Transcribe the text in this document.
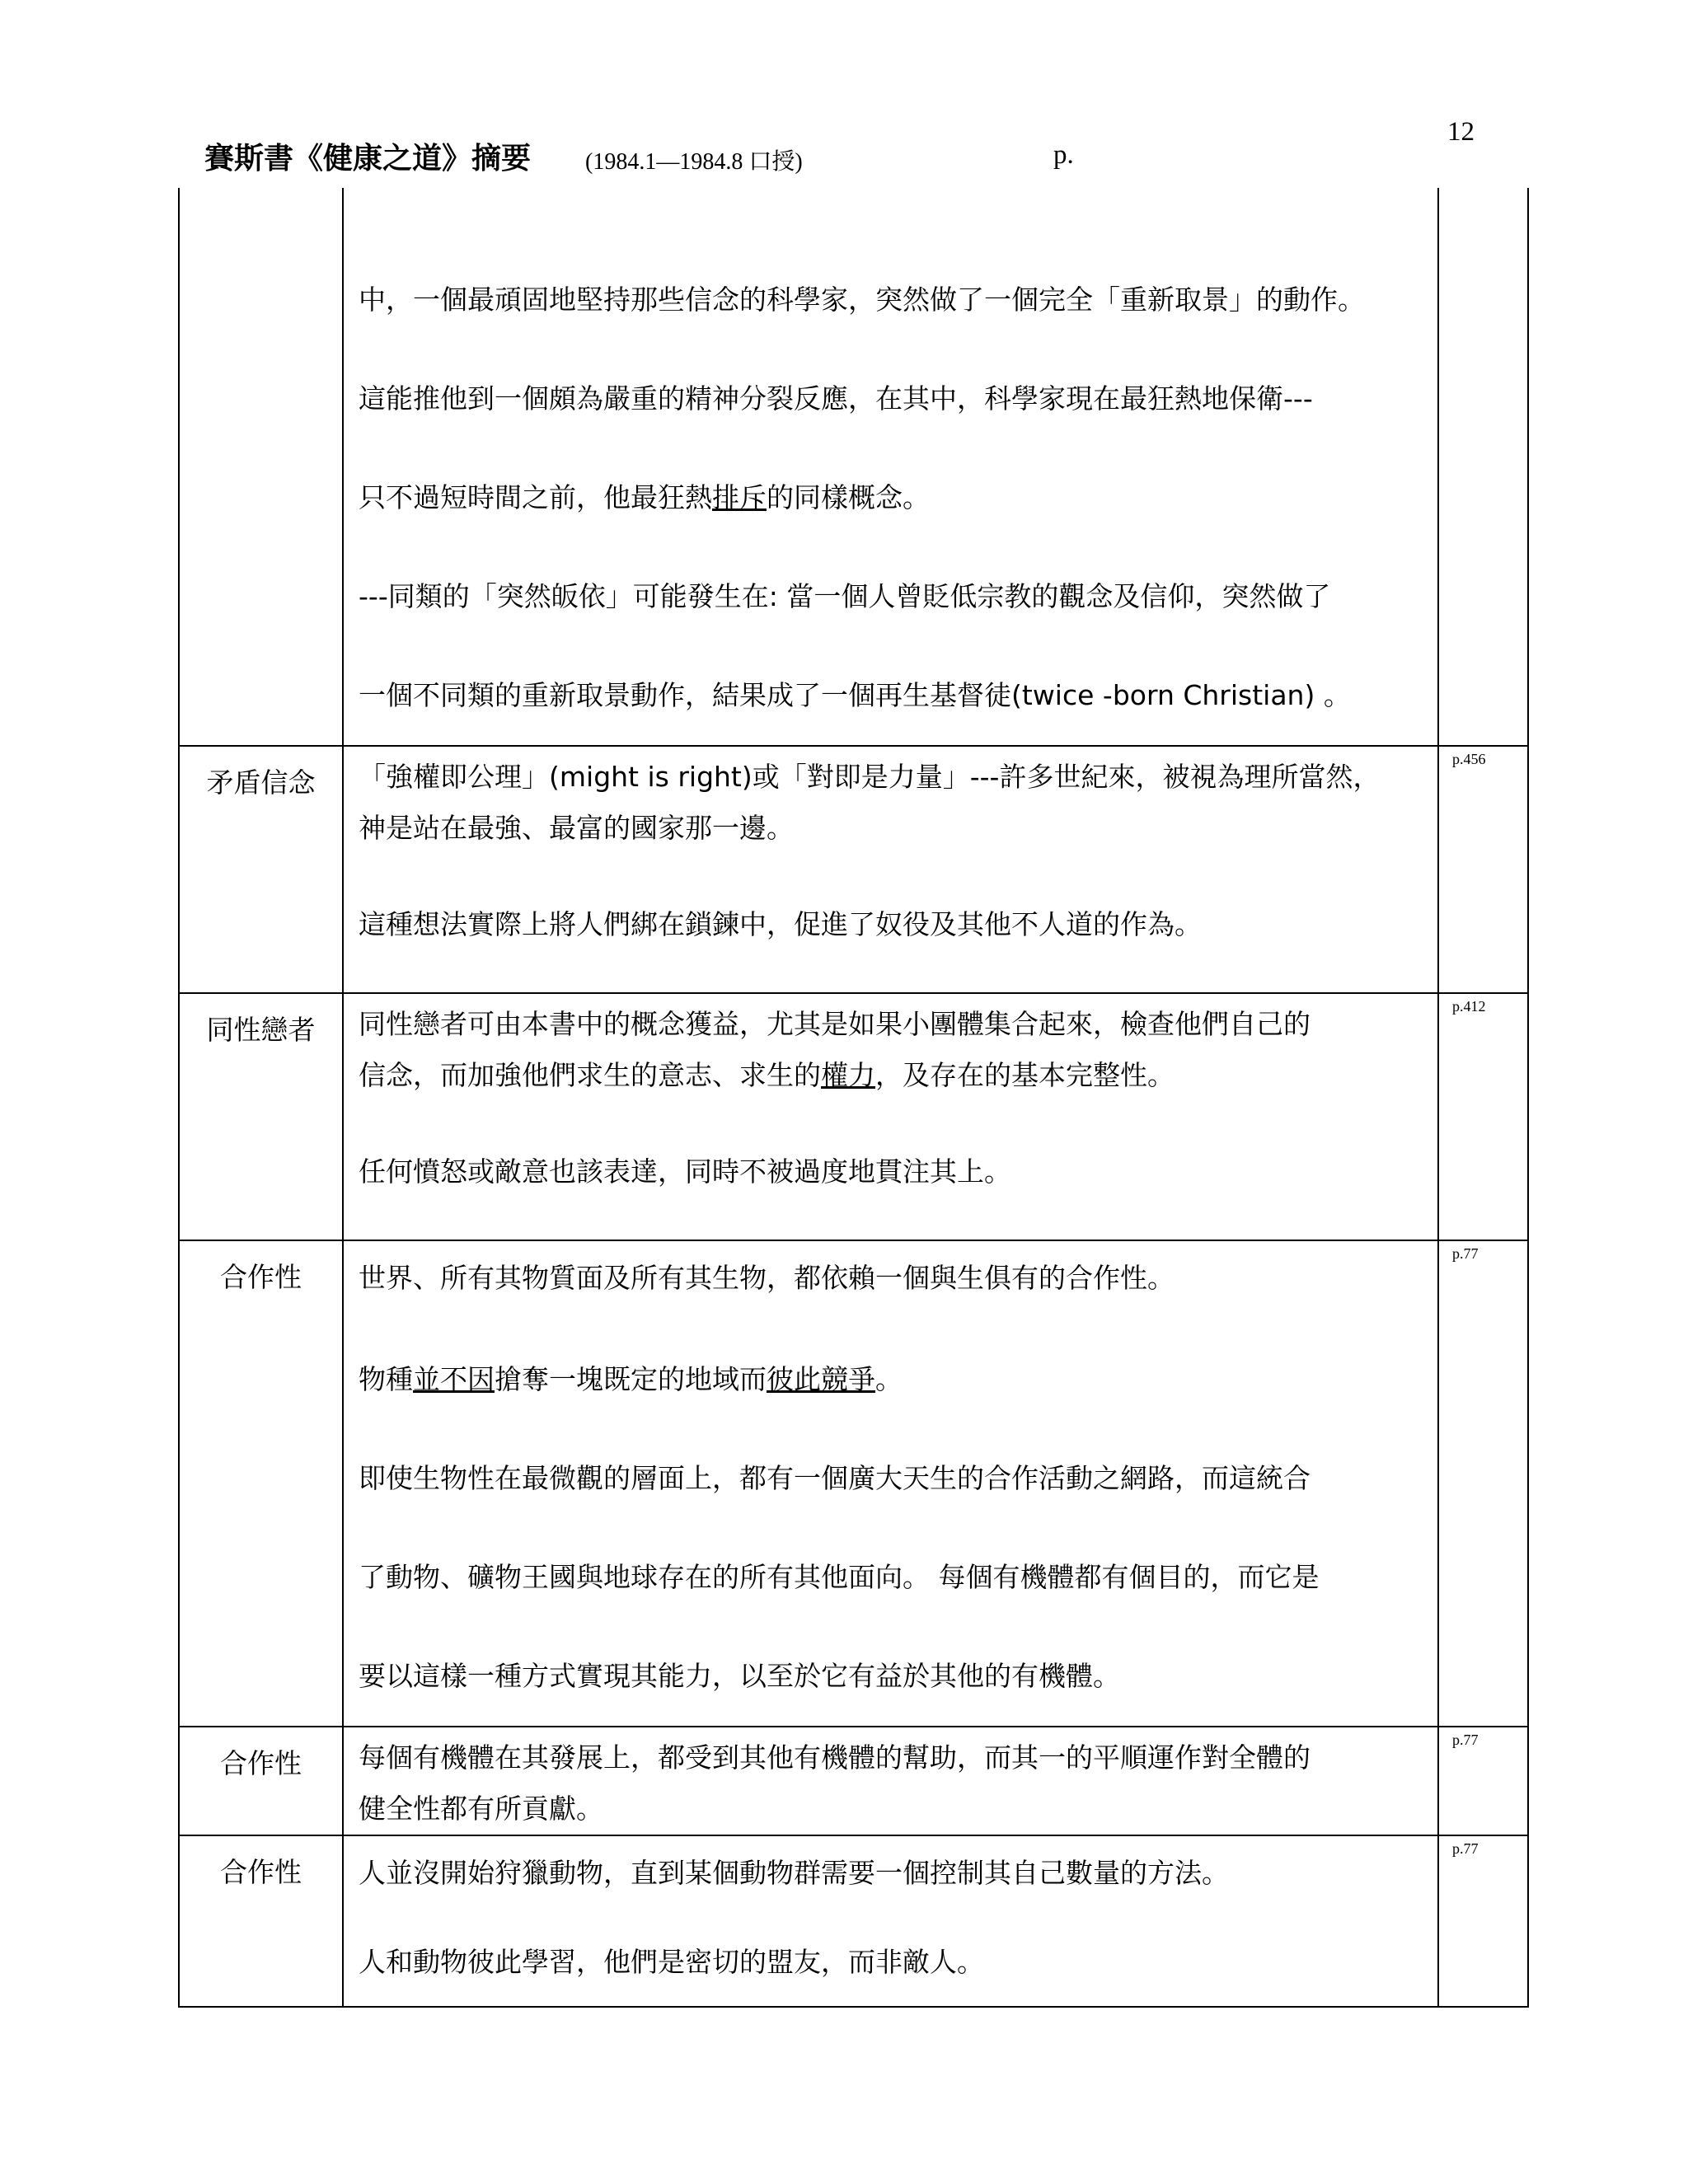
12
賽斯書《健康之道》摘要 (1984.1—1984.8 口授)	p.

	中，一個最頑固地堅持那些信念的科學家，突然做了一個完全「重新取景」的動作。
這能推他到一個頗為嚴重的精神分裂反應，在其中，科學家現在最狂熱地保衛---
只不過短時間之前，他最狂熱排斥的同樣概念。
---同類的「突然皈依」可能發生在: 當一個人曾貶低宗教的觀念及信仰，突然做了
一個不同類的重新取景動作，結果成了一個再生基督徒(twice -born Christian) 。	

矛盾信念	「強權即公理」(might is right)或「對即是力量」---許多世紀來，被視為理所當然，
神是站在最強、最富的國家那一邊。
這種想法實際上將人們綁在鎖鍊中，促進了奴役及其他不人道的作為。	p.456
同性戀者	同性戀者可由本書中的概念獲益，尤其是如果小團體集合起來，檢查他們自己的
信念，而加強他們求生的意志、求生的權力，及存在的基本完整性。
任何憤怒或敵意也該表達，同時不被過度地貫注其上。	p.412
合作性	世界、所有其物質面及所有其生物，都依賴一個與生俱有的合作性。
物種並不因搶奪一塊既定的地域而彼此競爭。
即使生物性在最微觀的層面上，都有一個廣大天生的合作活動之網路，而這統合
了動物、礦物王國與地球存在的所有其他面向。 每個有機體都有個目的，而它是
要以這樣一種方式實現其能力，以至於它有益於其他的有機體。	p.77
合作性	每個有機體在其發展上，都受到其他有機體的幫助，而其一的平順運作對全體的
健全性都有所貢獻。	p.77
合作性	人並沒開始狩獵動物，直到某個動物群需要一個控制其自己數量的方法。
人和動物彼此學習，他們是密切的盟友，而非敵人。	p.77
